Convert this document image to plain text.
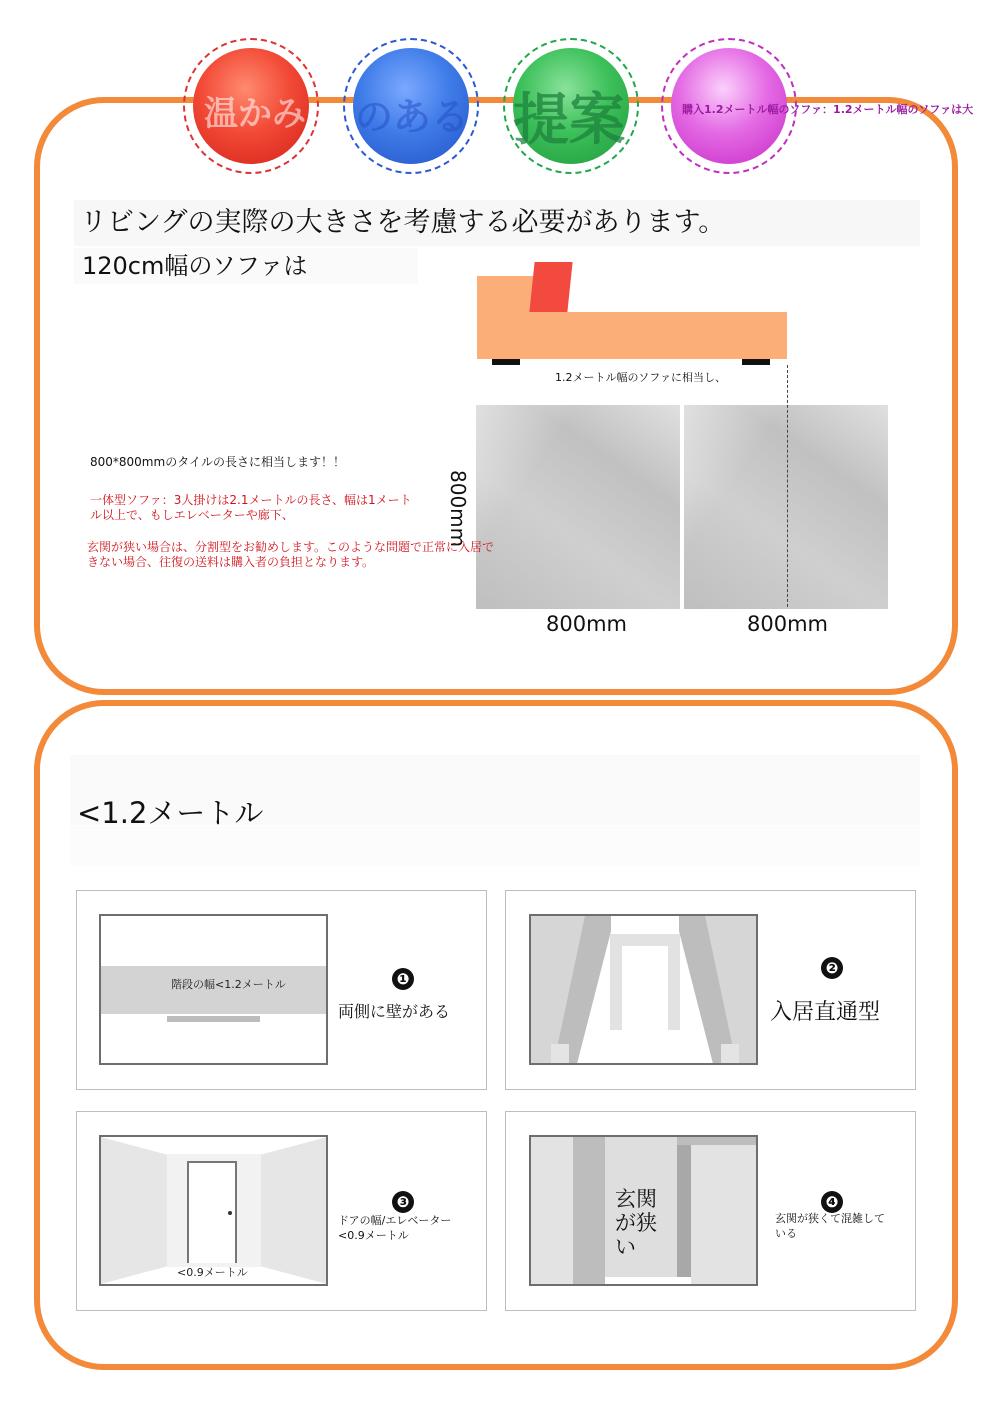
温かみ のある 提案	購入1.2メートル幅のソファ：1.2メートル幅のソファは大
リビングの実際の大きさを考慮する必要があります。
120cm幅のソファは
1.2メートル幅のソファに相当し、
800mm
800mm	800mm
800*800mmのタイルの長さに相当します！！
一体型ソファ：3人掛けは2.1メートルの長さ、幅は1メートル以上で、もしエレベーターや廊下、
玄関が狭い場合は、分割型をお勧めします。このような問題で正常に入居できない場合、往復の送料は購入者の負担となります。
<1.2メートル
階段の幅<1.2メートル	❶
両側に壁がある
❷
入居直通型
<0.9メートル
❸
ドアの幅/エレベーター<0.9メートル
玄関が狭い
❹
玄関が狭くて混雑している
